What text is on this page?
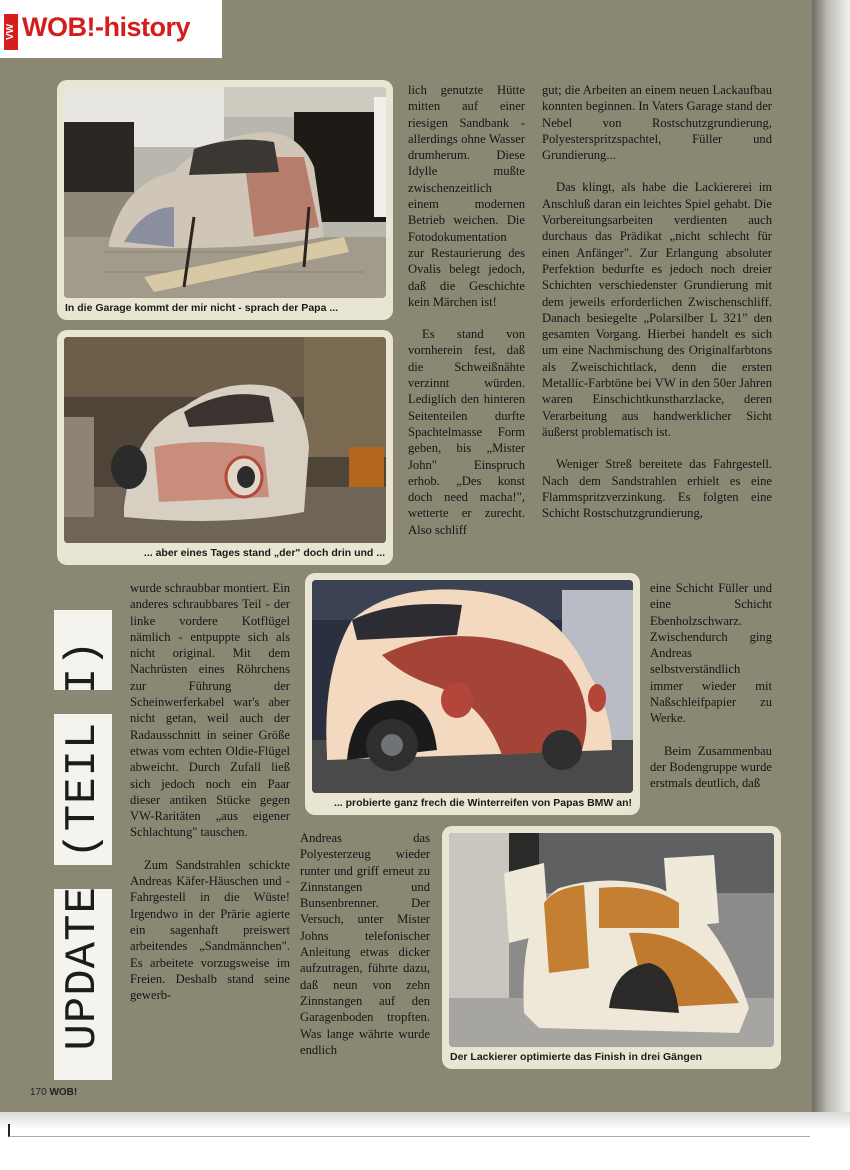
VW WOB!-history
In die Garage kommt der mir nicht - sprach der Papa ...
... aber eines Tages stand „der" doch drin und ...
... probierte ganz frech die Winterreifen von Papas BMW an!
Der Lackierer optimierte das Finish in drei Gängen

lich genutzte Hütte mitten auf einer riesigen Sandbank - allerdings ohne Wasser drumherum. Diese Idylle mußte zwischenzeitlich einem modernen Betrieb weichen. Die Fotodokumentation zur Restaurierung des Ovalis belegt jedoch, daß die Geschichte kein Märchen ist!

Es stand von vornherein fest, daß die Schweißnähte verzinnt würden. Lediglich den hinteren Seitenteilen durfte Spachtelmasse Form geben, bis „Mister John" Einspruch erhob. „Des konst doch need macha!", wetterte er zurecht. Also schliff

gut; die Arbeiten an einem neuen Lackaufbau konnten beginnen. In Vaters Garage stand der Nebel von Rostschutzgrundierung, Polyesterspritzspachtel, Füller und Grundierung...

Das klingt, als habe die Lackiererei im Anschluß daran ein leichtes Spiel gehabt. Die Vorbereitungsarbeiten verdienten auch durchaus das Prädikat „nicht schlecht für einen Anfänger". Zur Erlangung absoluter Perfektion bedurfte es jedoch noch dreier Schichten verschiedenster Grundierung mit dem jeweils erforderlichen Zwischenschliff. Danach besiegelte „Polarsilber L 321" den gesamten Vorgang. Hierbei handelt es sich um eine Nachmischung des Originalfarbtons als Zweischichtlack, denn die ersten Metallic-Farbtöne bei VW in den 50er Jahren waren Einschichtkunstharzlacke, deren Verarbeitung aus handwerklicher Sicht äußerst problematisch ist.

Weniger Streß bereitete das Fahrgestell. Nach dem Sandstrahlen erhielt es eine Flammspritzverzinkung. Es folgten eine Schicht Rostschutzgrundierung,

eine Schicht Füller und eine Schicht Ebenholzschwarz. Zwischendurch ging Andreas selbstverständlich immer wieder mit Naßschleifpapier zu Werke.

Beim Zusammenbau der Bodengruppe wurde erstmals deutlich, daß

wurde schraubbar montiert. Ein anderes schraubbares Teil - der linke vordere Kotflügel nämlich - entpuppte sich als nicht original. Mit dem Nachrüsten eines Röhrchens zur Führung der Scheinwerferkabel war's aber nicht getan, weil auch der Radausschnitt in seiner Größe etwas vom echten Oldie-Flügel abweicht. Durch Zufall ließ sich jedoch noch ein Paar dieser antiken Stücke gegen VW-Raritäten „aus eigener Schlachtung" tauschen.

Zum Sandstrahlen schickte Andreas Käfer-Häuschen und -Fahrgestell in die Wüste! Irgendwo in der Prärie agierte ein sagenhaft preiswert arbeitendes „Sandmännchen". Es arbeitete vorzugsweise im Freien. Deshalb stand seine gewerb-

Andreas das Polyesterzeug wieder runter und griff erneut zu Zinnstangen und Bunsenbrenner. Der Versuch, unter Mister Johns telefonischer Anleitung etwas dicker aufzutragen, führte dazu, daß neun von zehn Zinnstangen auf den Garagenboden tropften. Was lange währte wurde endlich

UPDATE (TEIL I)
170 WOB!
